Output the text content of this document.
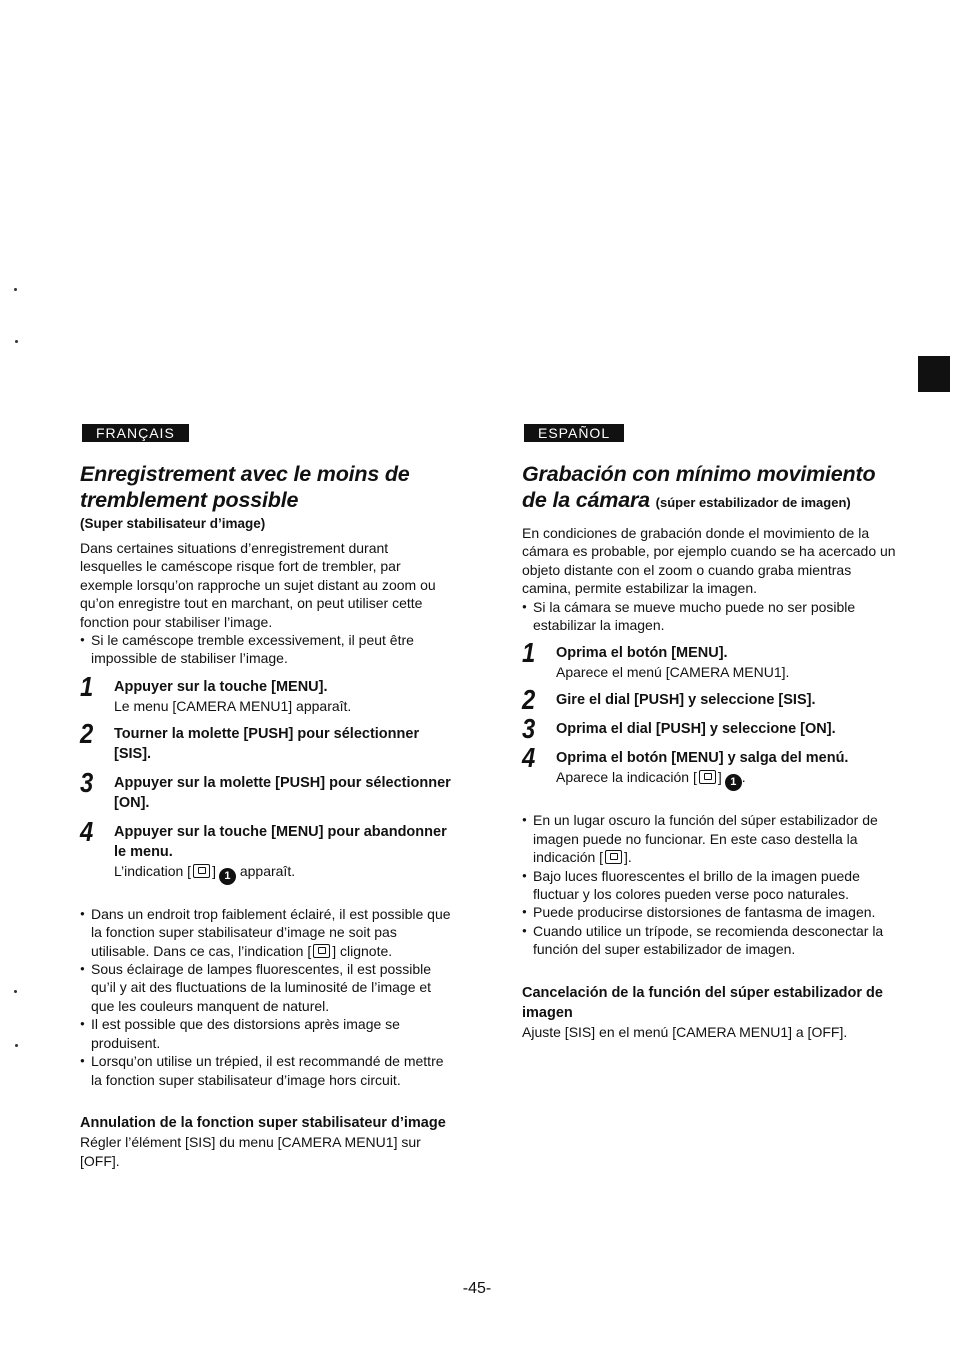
FRANÇAIS
Enregistrement avec le moins de tremblement possible
(Super stabilisateur d’image)
Dans certaines situations d’enregistrement durant lesquelles le caméscope risque fort de trembler, par exemple lorsqu’on rapproche un sujet distant au zoom ou qu’on enregistre tout en marchant, on peut utiliser cette fonction pour stabiliser l’image.
● Si le caméscope tremble excessivement, il peut être impossible de stabiliser l’image.
1 Appuyer sur la touche [MENU].
Le menu [CAMERA MENU1] apparaît.
2 Tourner la molette [PUSH] pour sélectionner [SIS].
3 Appuyer sur la molette [PUSH] pour sélectionner [ON].
4 Appuyer sur la touche [MENU] pour abandonner le menu.
L’indication [ ] 1 apparaît.
● Dans un endroit trop faiblement éclairé, il est possible que la fonction super stabilisateur d’image ne soit pas utilisable. Dans ce cas, l’indication [ ] clignote.
● Sous éclairage de lampes fluorescentes, il est possible qu’il y ait des fluctuations de la luminosité de l’image et que les couleurs manquent de naturel.
● Il est possible que des distorsions après image se produisent.
● Lorsqu’on utilise un trépied, il est recommandé de mettre la fonction super stabilisateur d’image hors circuit.
Annulation de la fonction super stabilisateur d’image
Régler l’élément [SIS] du menu [CAMERA MENU1] sur [OFF].
ESPAÑOL
Grabación con mínimo movimiento
de la cámara (súper estabilizador de imagen)
En condiciones de grabación donde el movimiento de la cámara es probable, por ejemplo cuando se ha acercado un objeto distante con el zoom o cuando graba mientras camina, permite estabilizar la imagen.
● Si la cámara se mueve mucho puede no ser posible estabilizar la imagen.
1 Oprima el botón [MENU].
Aparece el menú [CAMERA MENU1].
2 Gire el dial [PUSH] y seleccione [SIS].
3 Oprima el dial [PUSH] y seleccione [ON].
4 Oprima el botón [MENU] y salga del menú.
Aparece la indicación [ ] 1 .
● En un lugar oscuro la función del súper estabilizador de imagen puede no funcionar. En este caso destella la indicación [ ].
● Bajo luces fluorescentes el brillo de la imagen puede fluctuar y los colores pueden verse poco naturales.
● Puede producirse distorsiones de fantasma de imagen.
● Cuando utilice un trípode, se recomienda desconectar la función del super estabilizador de imagen.
Cancelación de la función del súper estabilizador de imagen
Ajuste [SIS] en el menú [CAMERA MENU1] a [OFF].
-45-
